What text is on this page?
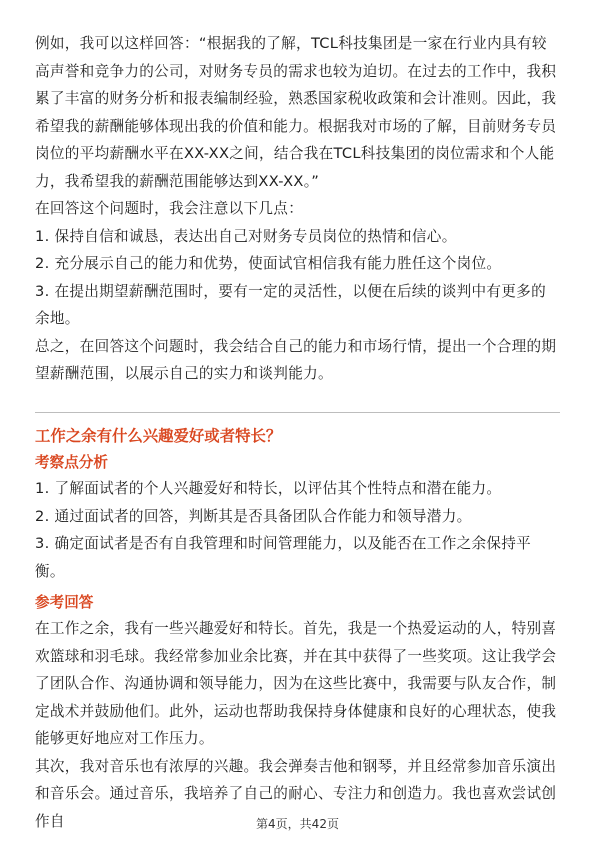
例如，我可以这样回答：“根据我的了解，TCL科技集团是一家在行业内具有较高声誉和竞争力的公司，对财务专员的需求也较为迫切。在过去的工作中，我积累了丰富的财务分析和报表编制经验，熟悉国家税收政策和会计准则。因此，我希望我的薪酬能够体现出我的价值和能力。根据我对市场的了解，目前财务专员岗位的平均薪酬水平在XX-XX之间，结合我在TCL科技集团的岗位需求和个人能力，我希望我的薪酬范围能够达到XX-XX。”

在回答这个问题时，我会注意以下几点：

1. 保持自信和诚恳，表达出自己对财务专员岗位的热情和信心。

2. 充分展示自己的能力和优势，使面试官相信我有能力胜任这个岗位。

3. 在提出期望薪酬范围时，要有一定的灵活性，以便在后续的谈判中有更多的余地。

总之，在回答这个问题时，我会结合自己的能力和市场行情，提出一个合理的期望薪酬范围，以展示自己的实力和谈判能力。

工作之余有什么兴趣爱好或者特长？
考察点分析

1. 了解面试者的个人兴趣爱好和特长，以评估其个性特点和潜在能力。

2. 通过面试者的回答，判断其是否具备团队合作能力和领导潜力。

3. 确定面试者是否有自我管理和时间管理能力，以及能否在工作之余保持平衡。

参考回答

在工作之余，我有一些兴趣爱好和特长。首先，我是一个热爱运动的人，特别喜欢篮球和羽毛球。我经常参加业余比赛，并在其中获得了一些奖项。这让我学会了团队合作、沟通协调和领导能力，因为在这些比赛中，我需要与队友合作，制定战术并鼓励他们。此外，运动也帮助我保持身体健康和良好的心理状态，使我能够更好地应对工作压力。

其次，我对音乐也有浓厚的兴趣。我会弹奏吉他和钢琴，并且经常参加音乐演出和音乐会。通过音乐，我培养了自己的耐心、专注力和创造力。我也喜欢尝试创作自	第4页，共42页
